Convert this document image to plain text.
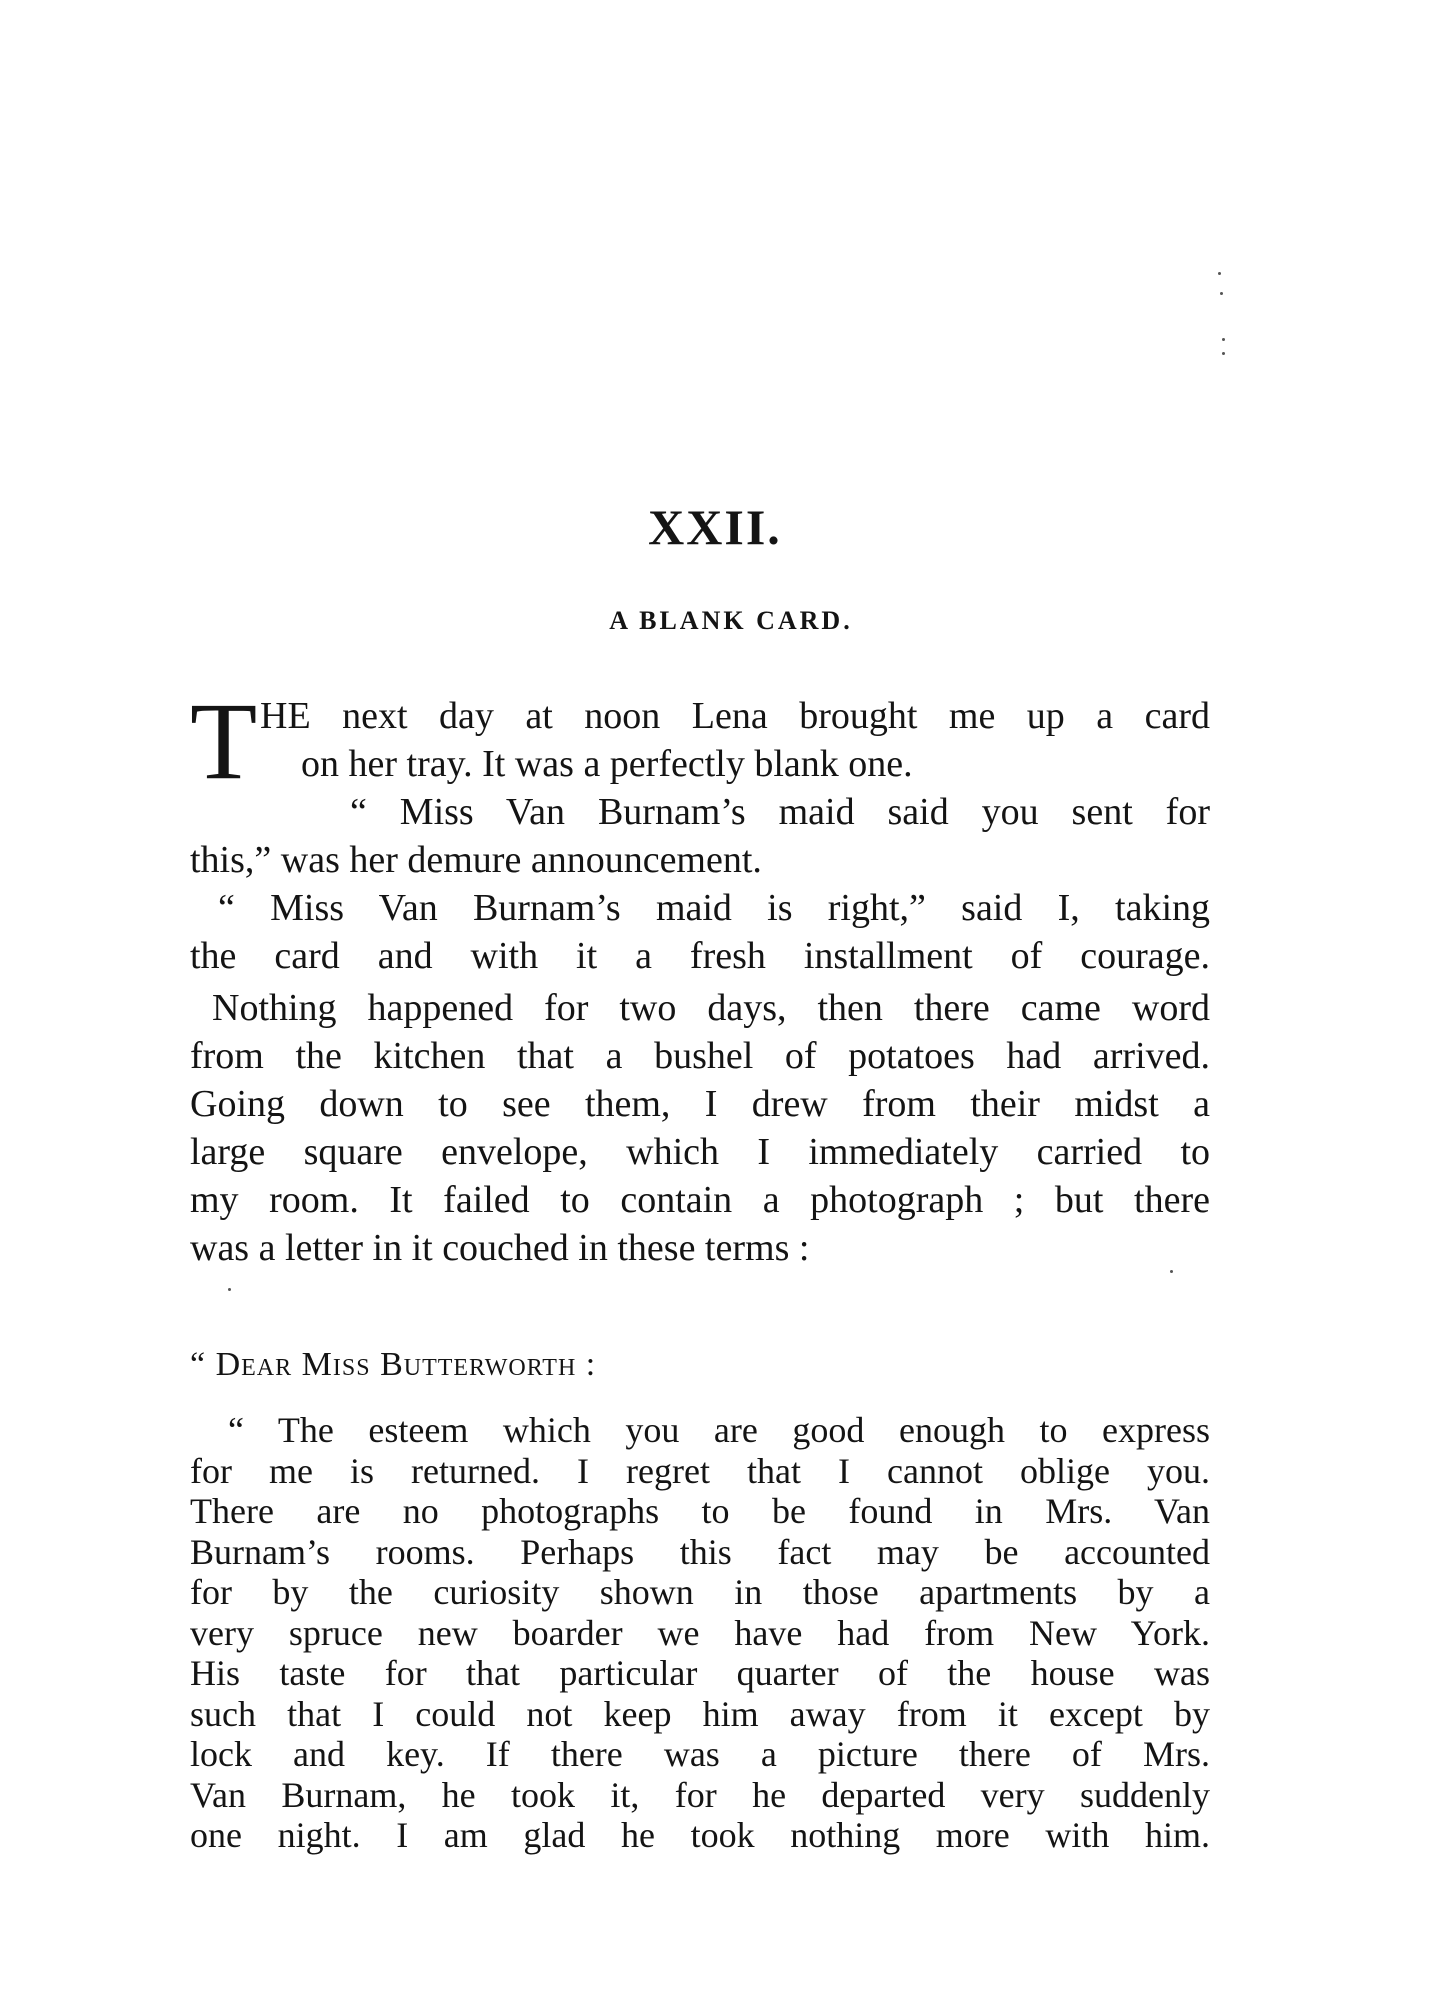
XXII.
A BLANK CARD.
T HE next day at noon Lena brought me up a card
on her tray. It was a perfectly blank one.
“ Miss Van Burnam’s maid said you sent for
this,” was her demure announcement.
“ Miss Van Burnam’s maid is right,” said I, taking
the card and with it a fresh installment of courage.
Nothing happened for two days, then there came word
from the kitchen that a bushel of potatoes had arrived.
Going down to see them, I drew from their midst a
large square envelope, which I immediately carried to
my room. It failed to contain a photograph ; but there
was a letter in it couched in these terms :

“ Dear Miss Butterworth :

“ The esteem which you are good enough to express
for me is returned. I regret that I cannot oblige you.
There are no photographs to be found in Mrs. Van
Burnam’s rooms. Perhaps this fact may be accounted
for by the curiosity shown in those apartments by a
very spruce new boarder we have had from New York.
His taste for that particular quarter of the house was
such that I could not keep him away from it except by
lock and key. If there was a picture there of Mrs.
Van Burnam, he took it, for he departed very suddenly
one night. I am glad he took nothing more with him.
